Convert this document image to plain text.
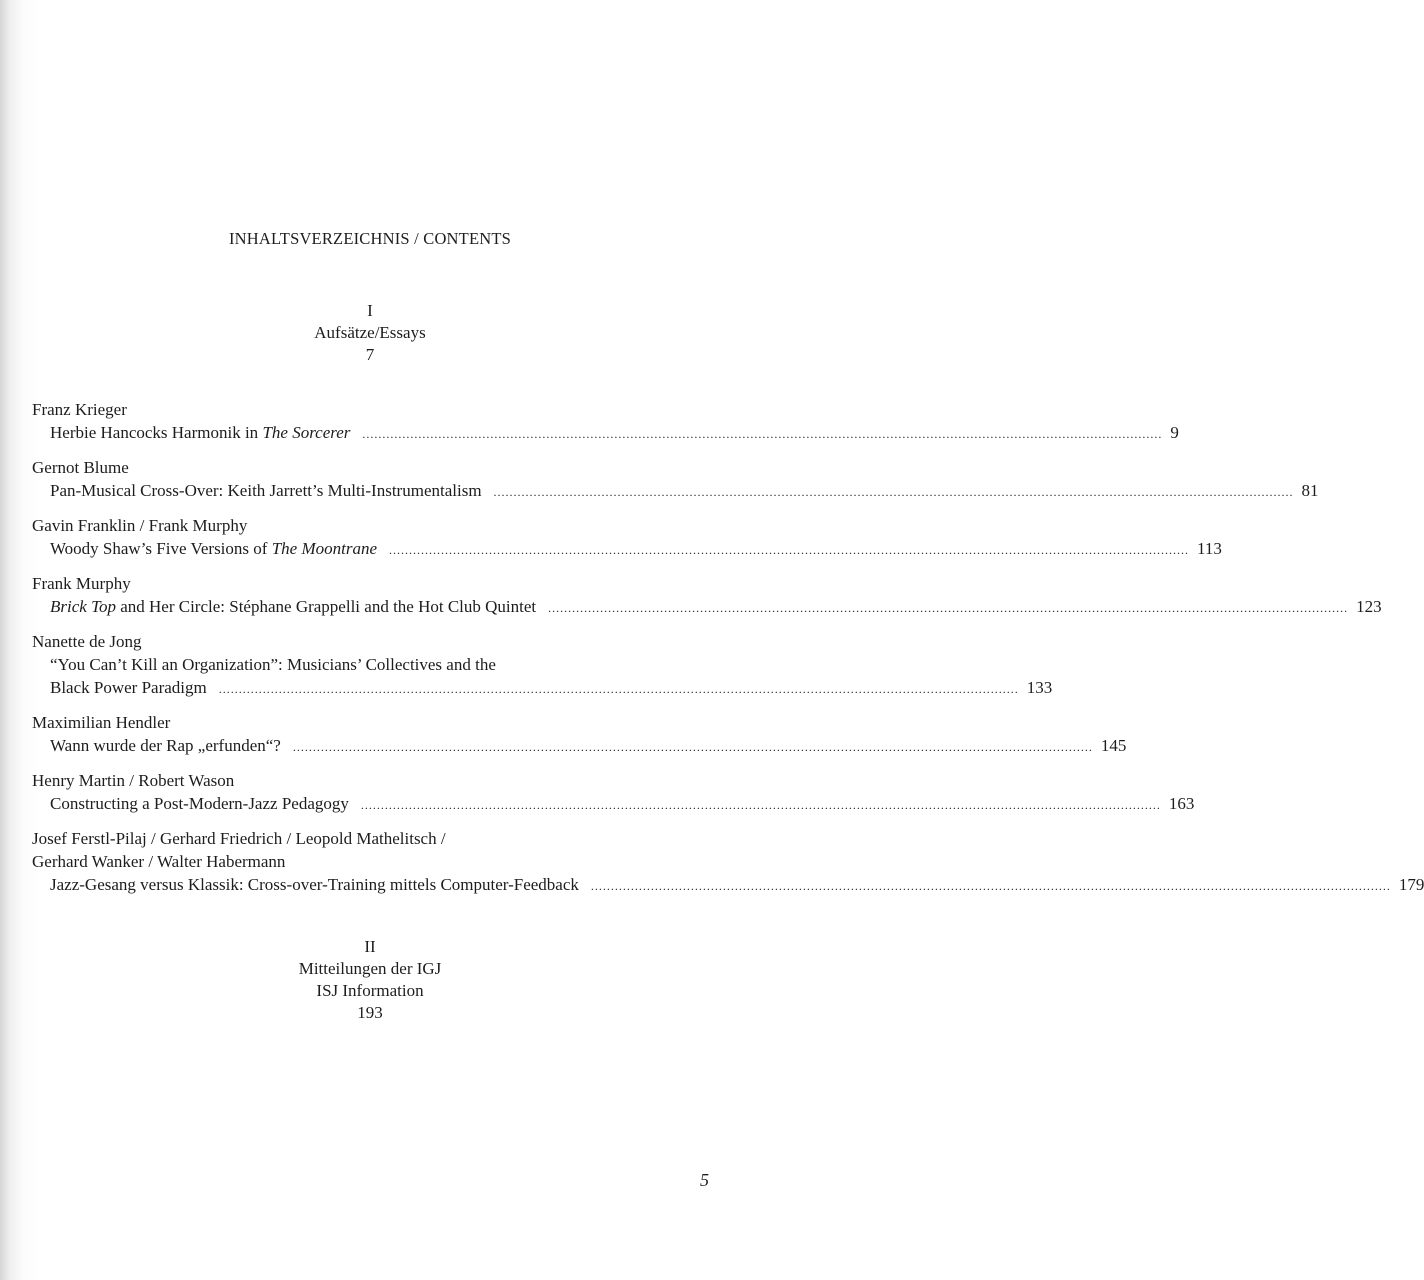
INHALTSVERZEICHNIS / CONTENTS
I
Aufsätze/Essays
7
Franz Krieger
Herbie Hancocks Harmonik in The Sorcerer ........................................................................................................................................................................................................ 9
Gernot Blume
Pan-Musical Cross-Over: Keith Jarrett’s Multi-Instrumentalism ........................................................................................................................................................................................................ 81
Gavin Franklin / Frank Murphy
Woody Shaw’s Five Versions of The Moontrane ........................................................................................................................................................................................................ 113
Frank Murphy
Brick Top and Her Circle: Stéphane Grappelli and the Hot Club Quintet ........................................................................................................................................................................................................ 123
Nanette de Jong
“You Can’t Kill an Organization”: Musicians’ Collectives and the
Black Power Paradigm ........................................................................................................................................................................................................ 133
Maximilian Hendler
Wann wurde der Rap „erfunden“? ........................................................................................................................................................................................................ 145
Henry Martin / Robert Wason
Constructing a Post-Modern-Jazz Pedagogy ........................................................................................................................................................................................................ 163
Josef Ferstl-Pilaj / Gerhard Friedrich / Leopold Mathelitsch /
Gerhard Wanker / Walter Habermann
Jazz-Gesang versus Klassik: Cross-over-Training mittels Computer-Feedback ........................................................................................................................................................................................................ 179
II
Mitteilungen der IGJ
ISJ Information
193
5
